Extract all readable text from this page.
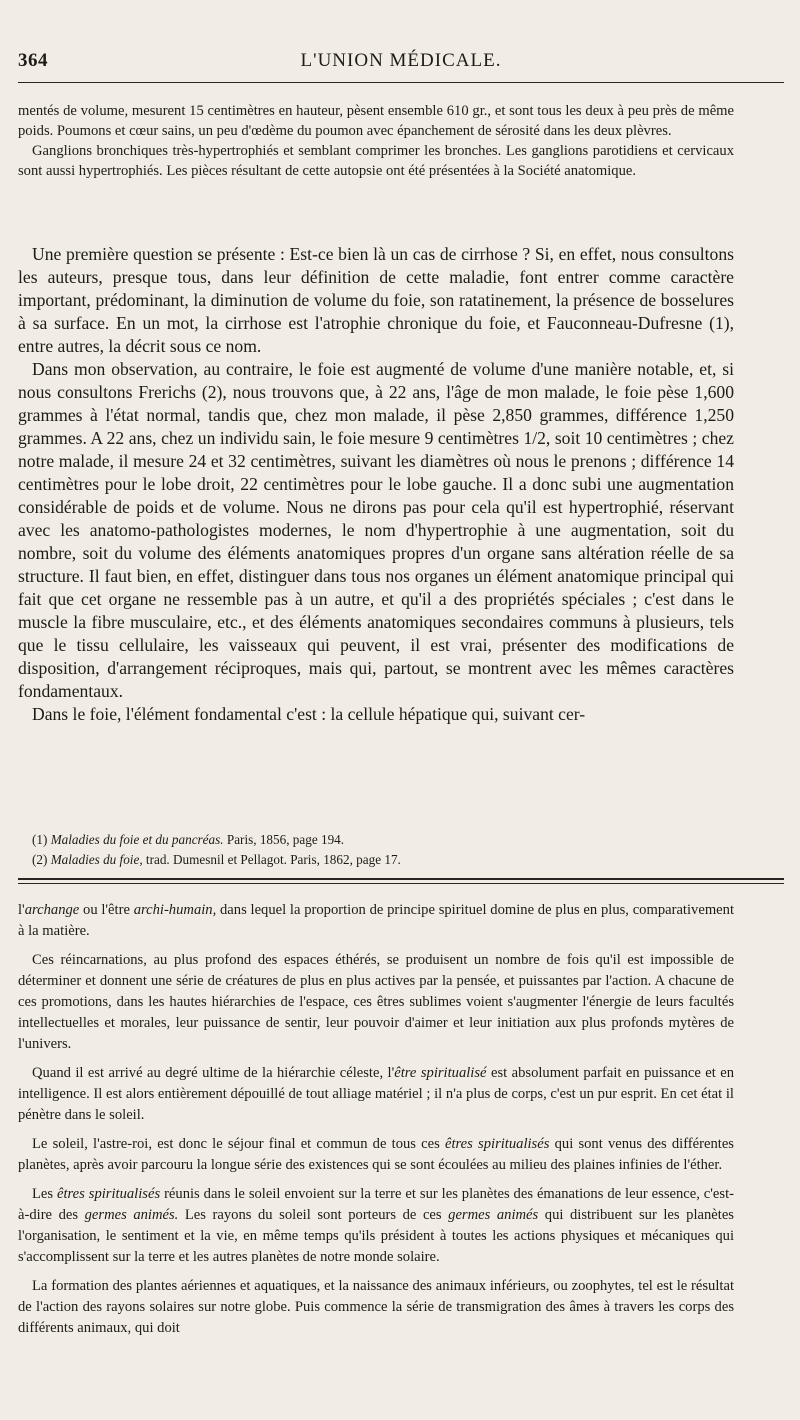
364	L'UNION MÉDICALE.

mentés de volume, mesurent 15 centimètres en hauteur, pèsent ensemble 610 gr., et sont tous les deux à peu près de même poids. Poumons et cœur sains, un peu d'œdème du poumon avec épanchement de sérosité dans les deux plèvres.

Ganglions bronchiques très-hypertrophiés et semblant comprimer les bronches. Les ganglions parotidiens et cervicaux sont aussi hypertrophiés. Les pièces résultant de cette autopsie ont été présentées à la Société anatomique.

Une première question se présente : Est-ce bien là un cas de cirrhose ? Si, en effet, nous consultons les auteurs, presque tous, dans leur définition de cette maladie, font entrer comme caractère important, prédominant, la diminution de volume du foie, son ratatinement, la présence de bosselures à sa surface. En un mot, la cirrhose est l'atrophie chronique du foie, et Fauconneau-Dufresne (1), entre autres, la décrit sous ce nom.

Dans mon observation, au contraire, le foie est augmenté de volume d'une manière notable, et, si nous consultons Frerichs (2), nous trouvons que, à 22 ans, l'âge de mon malade, le foie pèse 1,600 grammes à l'état normal, tandis que, chez mon malade, il pèse 2,850 grammes, différence 1,250 grammes. A 22 ans, chez un individu sain, le foie mesure 9 centimètres 1/2, soit 10 centimètres ; chez notre malade, il mesure 24 et 32 centimètres, suivant les diamètres où nous le prenons ; différence 14 centimètres pour le lobe droit, 22 centimètres pour le lobe gauche. Il a donc subi une augmentation considérable de poids et de volume. Nous ne dirons pas pour cela qu'il est hypertrophié, réservant avec les anatomo-pathologistes modernes, le nom d'hypertrophie à une augmentation, soit du nombre, soit du volume des éléments anatomiques propres d'un organe sans altération réelle de sa structure. Il faut bien, en effet, distinguer dans tous nos organes un élément anatomique principal qui fait que cet organe ne ressemble pas à un autre, et qu'il a des propriétés spéciales ; c'est dans le muscle la fibre musculaire, etc., et des éléments anatomiques secondaires communs à plusieurs, tels que le tissu cellulaire, les vaisseaux qui peuvent, il est vrai, présenter des modifications de disposition, d'arrangement réciproques, mais qui, partout, se montrent avec les mêmes caractères fondamentaux.

Dans le foie, l'élément fondamental c'est : la cellule hépatique qui, suivant cer-

(1) Maladies du foie et du pancréas. Paris, 1856, page 194.

(2) Maladies du foie, trad. Dumesnil et Pellagot. Paris, 1862, page 17.

l'archange ou l'être archi-humain, dans lequel la proportion de principe spirituel domine de plus en plus, comparativement à la matière.

Ces réincarnations, au plus profond des espaces éthérés, se produisent un nombre de fois qu'il est impossible de déterminer et donnent une série de créatures de plus en plus actives par la pensée, et puissantes par l'action. A chacune de ces promotions, dans les hautes hiérarchies de l'espace, ces êtres sublimes voient s'augmenter l'énergie de leurs facultés intellectuelles et morales, leur puissance de sentir, leur pouvoir d'aimer et leur initiation aux plus profonds mytères de l'univers.

Quand il est arrivé au degré ultime de la hiérarchie céleste, l'être spiritualisé est absolument parfait en puissance et en intelligence. Il est alors entièrement dépouillé de tout alliage matériel ; il n'a plus de corps, c'est un pur esprit. En cet état il pénètre dans le soleil.

Le soleil, l'astre-roi, est donc le séjour final et commun de tous ces êtres spiritualisés qui sont venus des différentes planètes, après avoir parcouru la longue série des existences qui se sont écoulées au milieu des plaines infinies de l'éther.

Les êtres spiritualisés réunis dans le soleil envoient sur la terre et sur les planètes des émanations de leur essence, c'est-à-dire des germes animés. Les rayons du soleil sont porteurs de ces germes animés qui distribuent sur les planètes l'organisation, le sentiment et la vie, en même temps qu'ils président à toutes les actions physiques et mécaniques qui s'accomplissent sur la terre et les autres planètes de notre monde solaire.

La formation des plantes aériennes et aquatiques, et la naissance des animaux inférieurs, ou zoophytes, tel est le résultat de l'action des rayons solaires sur notre globe. Puis commence la série de transmigration des âmes à travers les corps des différents animaux, qui doit
